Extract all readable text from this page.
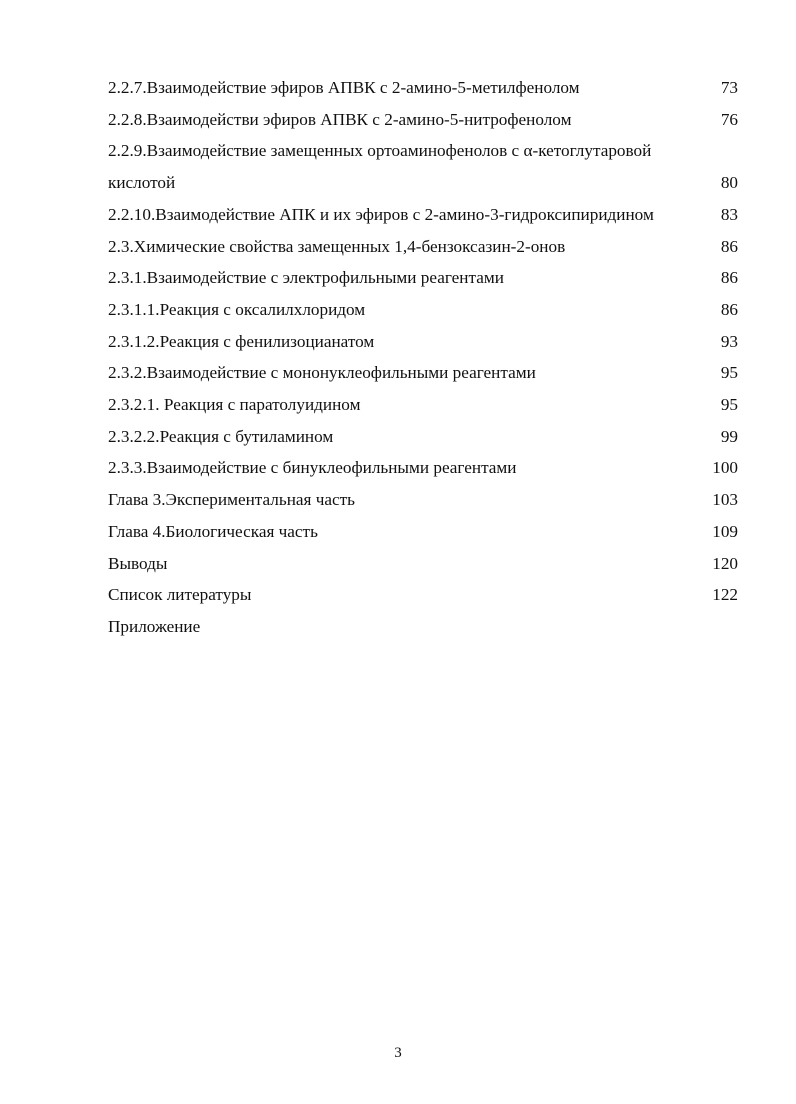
2.2.7.Взаимодействие эфиров АПВК с 2-амино-5-метилфенолом	73
2.2.8.Взаимодействи эфиров АПВК с 2-амино-5-нитрофенолом	76
2.2.9.Взаимодействие замещенных ортоаминофенолов с α-кетоглутаровой
кислотой	80
2.2.10.Взаимодействие АПК и их эфиров с 2-амино-3-гидроксипиридином	83
2.3.Химические свойства замещенных 1,4-бензоксазин-2-онов	86
2.3.1.Взаимодействие с электрофильными реагентами	86
2.3.1.1.Реакция с оксалилхлоридом	86
2.3.1.2.Реакция с фенилизоцианатом	93
2.3.2.Взаимодействие с мононуклеофильными реагентами	95
2.3.2.1. Реакция с паратолуидином	95
2.3.2.2.Реакция с бутиламином	99
2.3.3.Взаимодействие с бинуклеофильными реагентами	100
Глава 3.Экспериментальная часть	103
Глава 4.Биологическая часть	109
Выводы	120
Список литературы	122
Приложение
3
